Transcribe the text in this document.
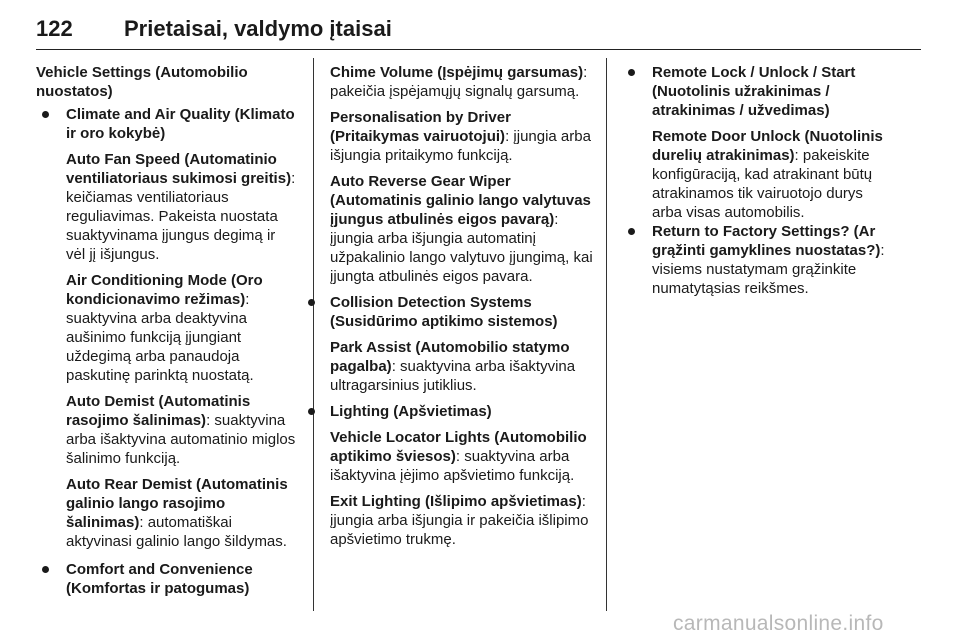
122	Prietaisai, valdymo įtaisai
Vehicle Settings (Automobilio nuostatos)
Climate and Air Quality (Klimato ir oro kokybė)
Auto Fan Speed (Automatinio ventiliatoriaus sukimosi greitis): keičiamas ventiliatoriaus reguliavimas. Pakeista nuostata suaktyvinama įjungus degimą ir vėl jį išjungus.
Air Conditioning Mode (Oro kondicionavimo režimas): suaktyvina arba deaktyvina aušinimo funkciją įjungiant uždegimą arba panaudoja paskutinę parinktą nuostatą.
Auto Demist (Automatinis rasojimo šalinimas): suaktyvina arba išaktyvina automatinio miglos šalinimo funkciją.
Auto Rear Demist (Automatinis galinio lango rasojimo šalinimas): automatiškai aktyvinasi galinio lango šildymas.
Comfort and Convenience (Komfortas ir patogumas)
Chime Volume (Įspėjimų garsumas): pakeičia įspėjamųjų signalų garsumą.
Personalisation by Driver (Pritaikymas vairuotojui): įjungia arba išjungia pritaikymo funkciją.
Auto Reverse Gear Wiper (Automatinis galinio lango valytuvas įjungus atbulinės eigos pavarą): įjungia arba išjungia automatinį užpakalinio lango valytuvo įjungimą, kai įjungta atbulinės eigos pavara.
Collision Detection Systems (Susidūrimo aptikimo sistemos)
Park Assist (Automobilio statymo pagalba): suaktyvina arba išaktyvina ultragarsinius jutiklius.
Lighting (Apšvietimas)
Vehicle Locator Lights (Automobilio aptikimo šviesos): suaktyvina arba išaktyvina įėjimo apšvietimo funkciją.
Exit Lighting (Išlipimo apšvietimas): įjungia arba išjungia ir pakeičia išlipimo apšvietimo trukmę.
Remote Lock / Unlock / Start (Nuotolinis užrakinimas / atrakinimas / užvedimas)
Remote Door Unlock (Nuotolinis durelių atrakinimas): pakeiskite konfigūraciją, kad atrakinant būtų atrakinamos tik vairuotojo durys arba visas automobilis.
Return to Factory Settings? (Ar grąžinti gamyklines nuostatas?): visiems nustatymam grąžinkite numatytąsias reikšmes.
carmanualsonline.info
